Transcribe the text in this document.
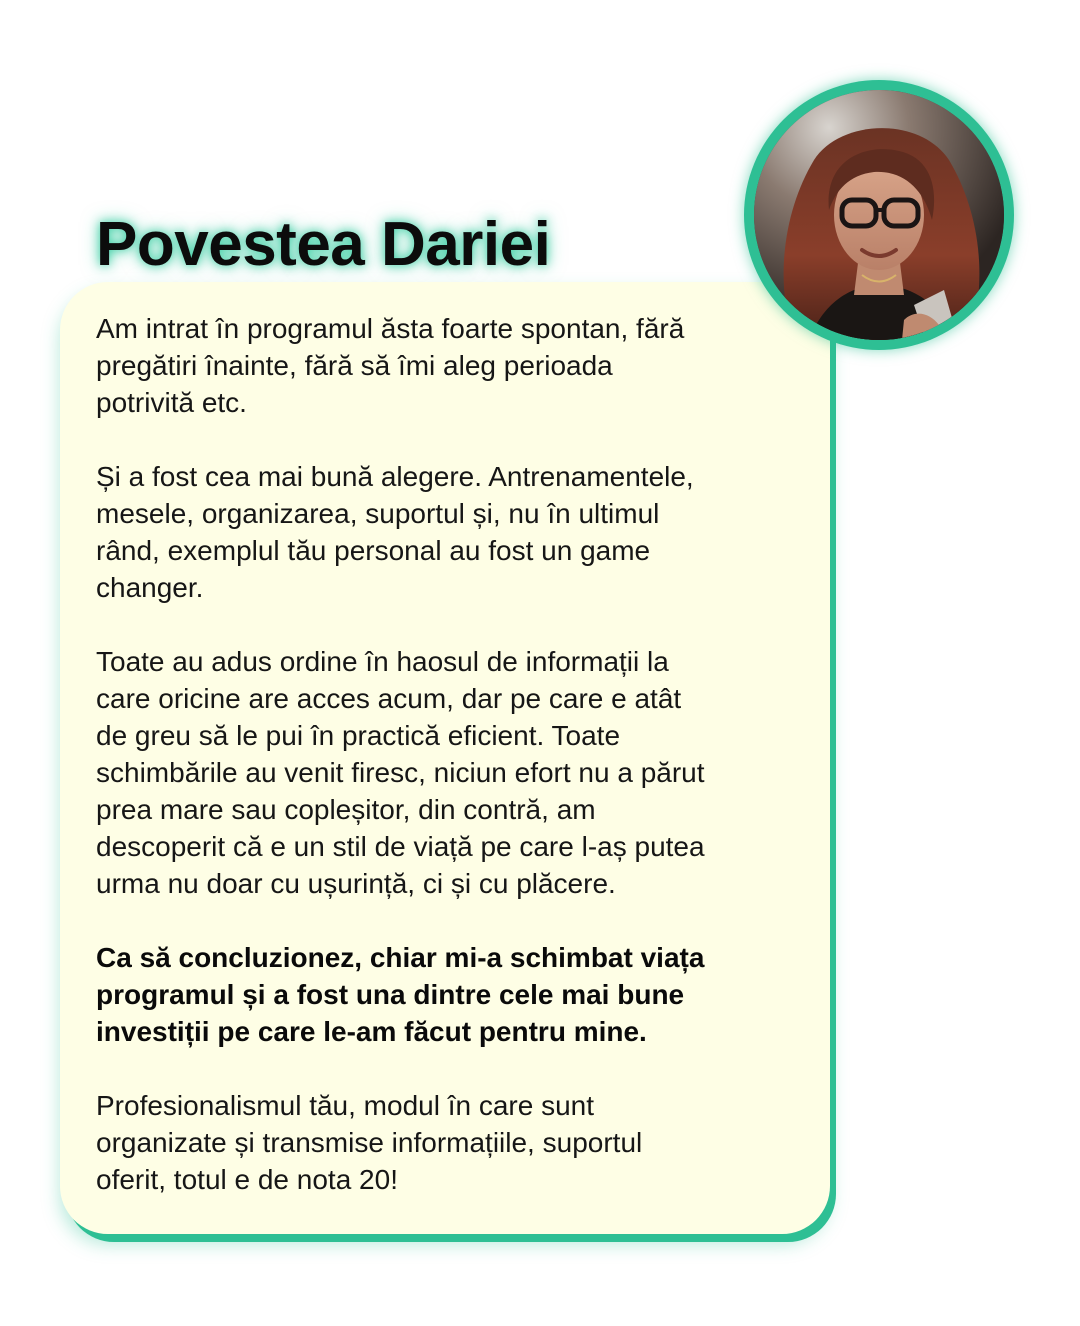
Povestea Dariei

Am intrat în programul ăsta foarte spontan, fără
pregătiri înainte, fără să îmi aleg perioada
potrivită etc.

Și a fost cea mai bună alegere. Antrenamentele,
mesele, organizarea, suportul și, nu în ultimul
rând, exemplul tău personal au fost un game
changer.

Toate au adus ordine în haosul de informații la
care oricine are acces acum, dar pe care e atât
de greu să le pui în practică eficient. Toate
schimbările au venit firesc, niciun efort nu a părut
prea mare sau copleșitor, din contră, am
descoperit că e un stil de viață pe care l-aș putea
urma nu doar cu ușurință, ci și cu plăcere.

Ca să concluzionez, chiar mi-a schimbat viața
programul și a fost una dintre cele mai bune
investiții pe care le-am făcut pentru mine.

Profesionalismul tău, modul în care sunt
organizate și transmise informațiile, suportul
oferit, totul e de nota 20!
